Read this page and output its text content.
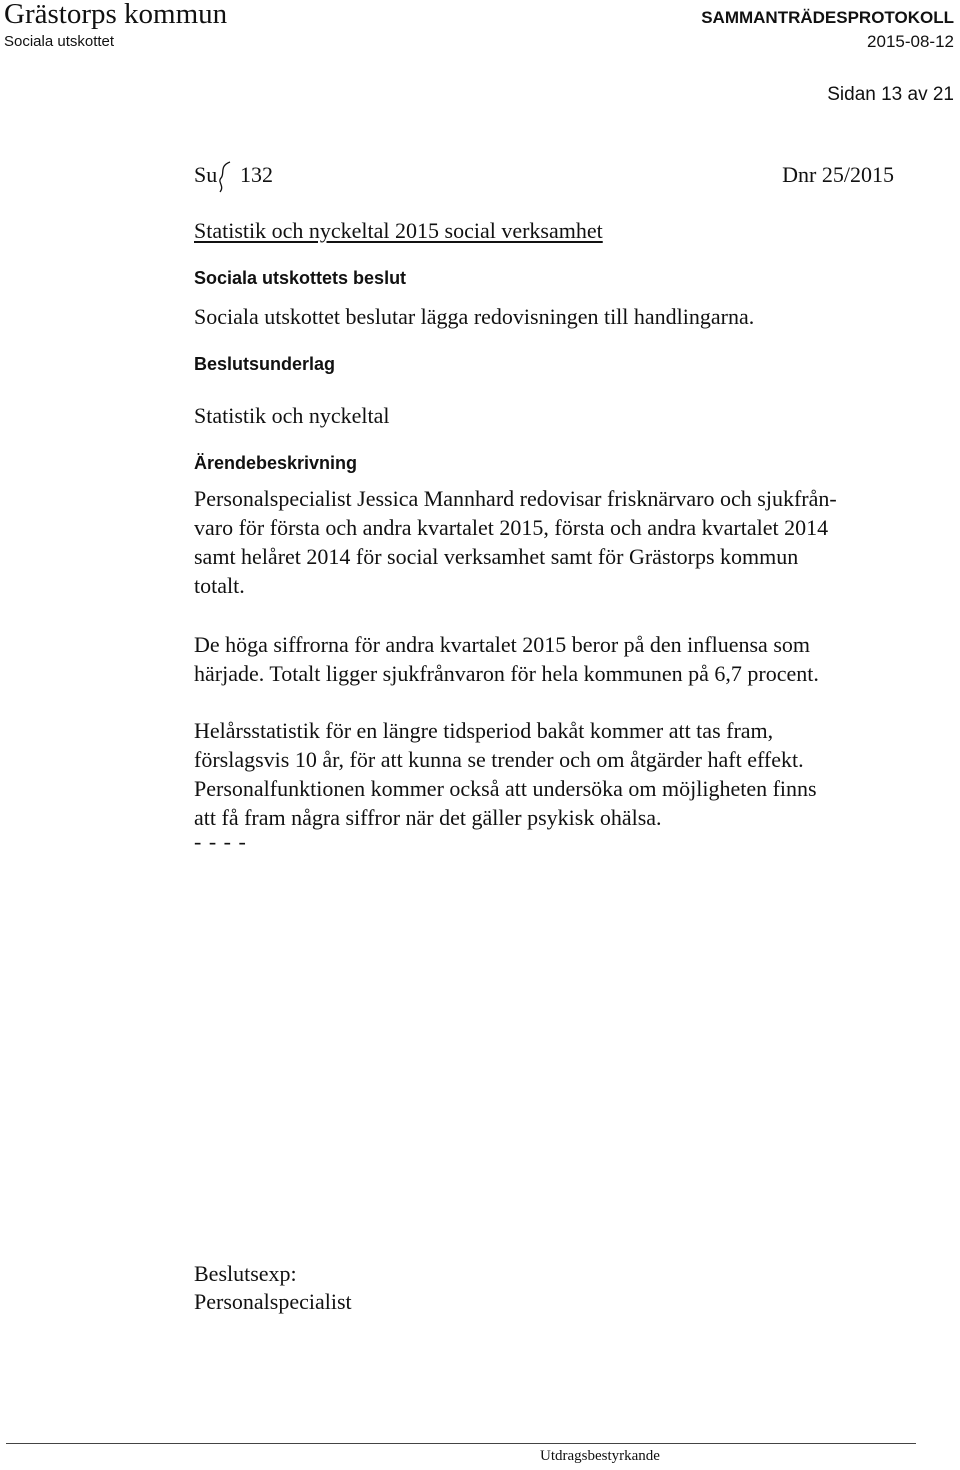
Grästorps kommun
Sociala utskottet
SAMMANTRÄDESPROTOKOLL
2015-08-12
Sidan 13 av 21
Su 132	Dnr 25/2015
Statistik och nyckeltal 2015 social verksamhet
Sociala utskottets beslut
Sociala utskottet beslutar lägga redovisningen till handlingarna.
Beslutsunderlag
Statistik och nyckeltal
Ärendebeskrivning
Personalspecialist Jessica Mannhard redovisar frisknärvaro och sjukfrån-
varo för första och andra kvartalet 2015, första och andra kvartalet 2014
samt helåret 2014 för social verksamhet samt för Grästorps kommun
totalt.
De höga siffrorna för andra kvartalet 2015 beror på den influensa som
härjade. Totalt ligger sjukfrånvaron för hela kommunen på 6,7 procent.
Helårsstatistik för en längre tidsperiod bakåt kommer att tas fram,
förslagsvis 10 år, för att kunna se trender och om åtgärder haft effekt.
Personalfunktionen kommer också att undersöka om möjligheten finns
att få fram några siffror när det gäller psykisk ohälsa.
- - - -
Beslutsexp:
Personalspecialist
Utdragsbestyrkande
